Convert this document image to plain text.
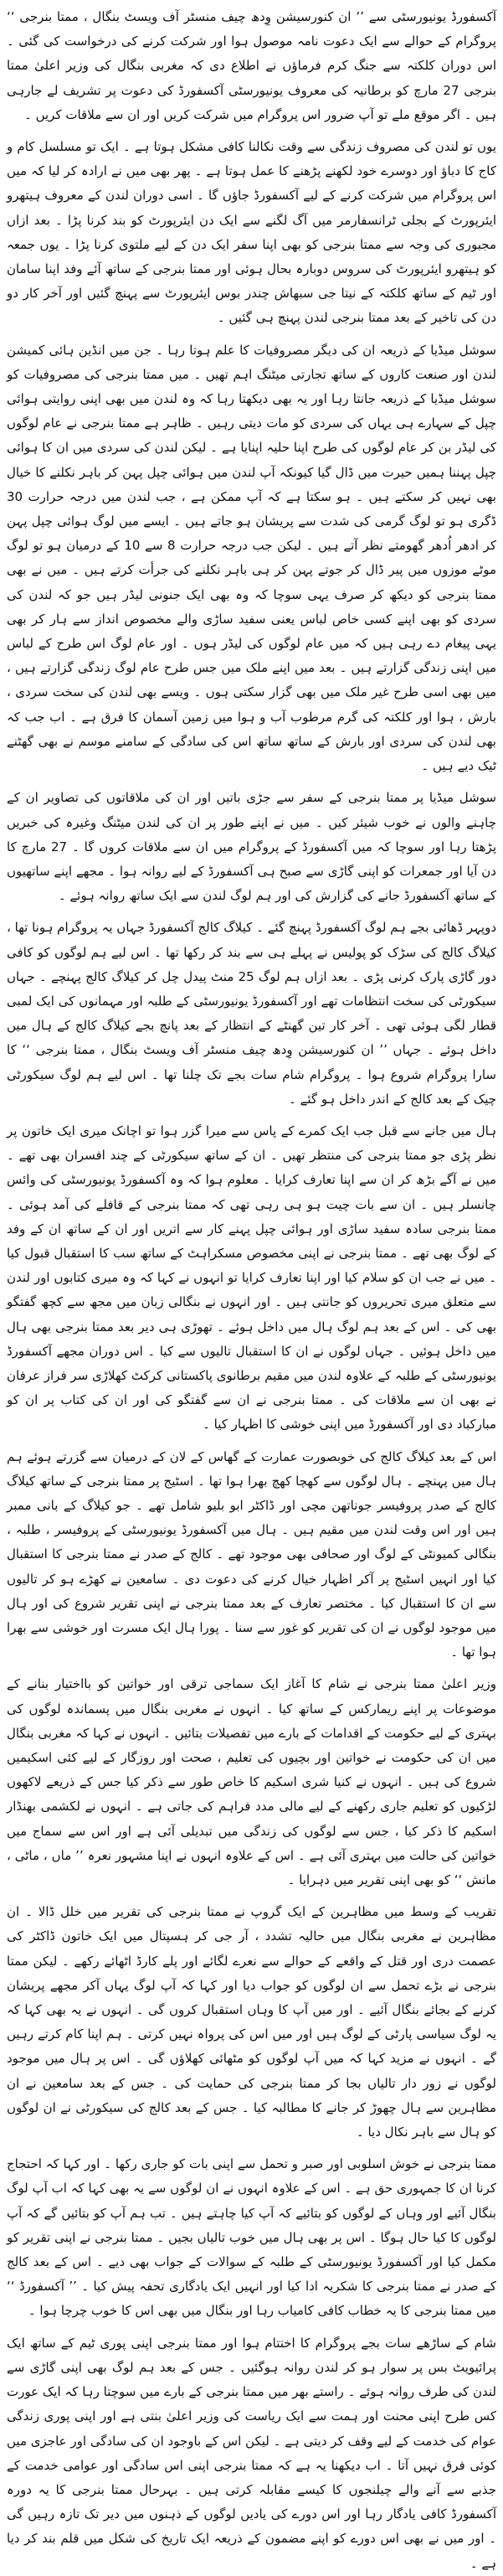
آکسفورڈ یونیورسٹی سے ’’ ان کنورسیشن وِدھ چیف منسٹر آف ویسٹ بنگال ، ممتا بنرجی ‘‘ پروگرام کے حوالے سے ایک دعوت نامہ موصول ہوا اور شرکت کرنے کی درخواست کی گئی ۔ اس دوران کلکتہ سے جنگ کرم فرماؤں نے اطلاع دی کہ مغربی بنگال کی وزیر اعلیٰ ممتا بنرجی 27 مارچ کو برطانیہ کی معروف یونیورسٹی آکسفورڈ کی دعوت پر تشریف لے جارہی ہیں ۔ اگر موقع ملے تو آپ ضرور اس پروگرام میں شرکت کریں اور ان سے ملاقات کریں ۔

یوں تو لندن کی مصروف زندگی سے وقت نکالنا کافی مشکل ہوتا ہے ۔ ایک تو مسلسل کام و کاج کا دباؤ اور دوسرے خود لکھنے پڑھنے کا عمل ہوتا ہے ۔ پھر بھی میں نے ارادہ کر لیا کہ میں اس پروگرام میں شرکت کرنے کے لیے آکسفورڈ جاؤں گا ۔ اسی دوران لندن کے معروف ہیتھرو ایئرپورٹ کے بجلی ٹرانسفارمر میں آگ لگنے سے ایک دن ایئرپورٹ کو بند کرنا پڑا ۔ بعد ازاں مجبوری کی وجہ سے ممتا بنرجی کو بھی اپنا سفر ایک دن کے لیے ملتوی کرنا پڑا ۔ یوں جمعہ کو ہیتھرو ایئرپورٹ کی سروس دوبارہ بحال ہوئی اور ممتا بنرجی کے ساتھ آئے وفد اپنا سامان اور ٹیم کے ساتھ کلکتہ کے نیتا جی سبھاش چندر بوس ایئرپورٹ سے پہنچ گئیں اور آخر کار دو دن کی تاخیر کے بعد ممتا بنرجی لندن پہنچ ہی گئیں ۔

سوشل میڈیا کے ذریعہ ان کی دیگر مصروفیات کا علم ہوتا رہا ۔ جن میں انڈین ہائی کمیشن لندن اور صنعت کاروں کے ساتھ تجارتی میٹنگ اہم تھیں ۔ میں ممتا بنرجی کی مصروفیات کو سوشل میڈیا کے ذریعہ جانتا رہا اور یہ بھی دیکھتا رہا کہ وہ لندن میں بھی اپنی روایتی ہوائی چپل کے سہارے ہی یہاں کی سردی کو مات دیتی رہیں ۔ ظاہر ہے ممتا بنرجی نے عام لوگوں کی لیڈر بن کر عام لوگوں کی طرح اپنا حلیہ اپنایا ہے ۔ لیکن لندن کی سردی میں ان کا ہوائی چپل پہننا ہمیں حیرت میں ڈال گیا کیونکہ آپ لندن میں ہوائی چپل پہن کر باہر نکلنے کا خیال بھی نہیں کر سکتے ہیں ۔ ہو سکتا ہے کہ آپ ممکن ہے ، جب لندن میں درجہ حرارت 30 ڈگری ہو تو لوگ گرمی کی شدت سے پریشان ہو جاتے ہیں ۔ ایسے میں لوگ ہوائی چپل پہن کر ادھر اُدھر گھومتے نظر آتے ہیں ۔ لیکن جب درجہ حرارت 8 سے 10 کے درمیان ہو تو لوگ موٹے موزوں میں پیر ڈال کر جوتے پہن کر ہی باہر نکلنے کی جرأت کرتے ہیں ۔ میں نے بھی ممتا بنرجی کو دیکھ کر صرف یہی سوچا کہ وہ بھی ایک جنونی لیڈر ہیں جو کہ لندن کی سردی کو بھی اپنے کسی خاص لباس یعنی سفید ساڑی والے مخصوص انداز سے ہار کر بھی یہی پیغام دے رہی ہیں کہ میں عام لوگوں کی لیڈر ہوں ۔ اور عام لوگ اس طرح کے لباس میں اپنی زندگی گزارتے ہیں ۔ بعد میں اپنے ملک میں جس طرح عام لوگ زندگی گزارتے ہیں ، میں بھی اسی طرح غیر ملک میں بھی گزار سکتی ہوں ۔ ویسے بھی لندن کی سخت سردی ، بارش ، ہوا اور کلکتہ کی گرم مرطوب آب و ہوا میں زمین آسمان کا فرق ہے ۔ اب جب کہ بھی لندن کی سردی اور بارش کے ساتھ ساتھ اس کی سادگی کے سامنے موسم نے بھی گھٹنے ٹیک دیے ہیں ۔

سوشل میڈیا پر ممتا بنرجی کے سفر سے جڑی باتیں اور ان کی ملاقاتوں کی تصاویر ان کے چاہنے والوں نے خوب شیئر کیں ۔ میں نے اپنے طور پر ان کی لندن میٹنگ وغیرہ کی خبریں پڑھتا رہا اور سوچا کہ میں آکسفورڈ کے پروگرام میں ان سے ملاقات کروں گا ۔ 27 مارچ کا دن آیا اور جمعرات کو اپنی گاڑی سے صبح ہی آکسفورڈ کے لیے روانہ ہوا ۔ مجھے اپنے ساتھیوں کے ساتھ آکسفورڈ جانے کی گزارش کی اور ہم لوگ لندن سے ایک ساتھ روانہ ہوئے ۔

دوپہر ڈھائی بجے ہم لوگ آکسفورڈ پہنچ گئے ۔ کیلاگ کالج آکسفورڈ جہاں یہ پروگرام ہونا تھا ، کیلاگ کالج کی سڑک کو پولیس نے پہلے ہی سے بند کر رکھا تھا ۔ اس لیے ہم لوگوں کو کافی دور گاڑی پارک کرنی پڑی ۔ بعد ازاں ہم لوگ 25 منٹ پیدل چل کر کیلاگ کالج پہنچے ۔ جہاں سیکورٹی کی سخت انتظامات تھے اور آکسفورڈ یونیورسٹی کے طلبہ اور مہمانوں کی ایک لمبی قطار لگی ہوئی تھی ۔ آخر کار تین گھنٹے کے انتظار کے بعد پانچ بجے کیلاگ کالج کے ہال میں داخل ہوئے ۔ جہاں ’’ ان کنورسیشن وِدھ چیف منسٹر آف ویسٹ بنگال ، ممتا بنرجی ‘‘ کا سارا پروگرام شروع ہوا ۔ پروگرام شام سات بجے تک چلنا تھا ۔ اس لیے ہم لوگ سیکورٹی چیک کے بعد کالج کے اندر داخل ہو گئے ۔

ہال میں جانے سے قبل جب ایک کمرے کے پاس سے میرا گزر ہوا تو اچانک میری ایک خاتون پر نظر پڑی جو ممتا بنرجی کی منتظر تھیں ۔ ان کے ساتھ سیکورٹی کے چند افسران بھی تھے ۔ میں نے آگے بڑھ کر ان سے اپنا تعارف کرایا ۔ معلوم ہوا کہ وہ آکسفورڈ یونیورسٹی کی وائس چانسلر ہیں ۔ ان سے بات چیت ہو ہی رہی تھی کہ ممتا بنرجی کے قافلے کی آمد ہوئی ۔ ممتا بنرجی سادہ سفید ساڑی اور ہوائی چپل پہنے کار سے اتریں اور ان کے ساتھ ان کے وفد کے لوگ بھی تھے ۔ ممتا بنرجی نے اپنی مخصوص مسکراہٹ کے ساتھ سب کا استقبال قبول کیا ۔ میں نے جب ان کو سلام کیا اور اپنا تعارف کرایا تو انہوں نے کہا کہ وہ میری کتابوں اور لندن سے متعلق میری تحریروں کو جانتی ہیں ۔ اور انہوں نے بنگالی زبان میں مجھ سے کچھ گفتگو بھی کی ۔ اس کے بعد ہم لوگ ہال میں داخل ہوئے ۔ تھوڑی ہی دیر بعد ممتا بنرجی بھی ہال میں داخل ہوئیں ۔ جہاں لوگوں نے ان کا استقبال تالیوں سے کیا ۔ اس دوران مجھے آکسفورڈ یونیورسٹی کے طلبہ کے علاوہ لندن میں مقیم برطانوی پاکستانی کرکٹ کھلاڑی سر فراز عرفان نے بھی ان سے ملاقات کی ۔ ممتا بنرجی نے ان سے گفتگو کی اور ان کی کتاب پر ان کو مبارکباد دی اور آکسفورڈ میں اپنی خوشی کا اظہار کیا ۔

اس کے بعد کیلاگ کالج کی خوبصورت عمارت کے گھاس کے لان کے درمیان سے گزرتے ہوئے ہم ہال میں پہنچے ۔ ہال لوگوں سے کھچا کھچ بھرا ہوا تھا ۔ اسٹیج پر ممتا بنرجی کے ساتھ کیلاگ کالج کے صدر پروفیسر جوناتھن مچی اور ڈاکٹر ابو بلیو شامل تھے ۔ جو کیلاگ کے بانی ممبر ہیں اور اس وقت لندن میں مقیم ہیں ۔ ہال میں آکسفورڈ یونیورسٹی کے پروفیسر ، طلبہ ، بنگالی کمیونٹی کے لوگ اور صحافی بھی موجود تھے ۔ کالج کے صدر نے ممتا بنرجی کا استقبال کیا اور انہیں اسٹیج پر آکر اظہار خیال کرنے کی دعوت دی ۔ سامعین نے کھڑے ہو کر تالیوں سے ان کا استقبال کیا ۔ مختصر تعارف کے بعد ممتا بنرجی نے اپنی تقریر شروع کی اور ہال میں موجود لوگوں نے ان کی تقریر کو غور سے سنا ۔ پورا ہال ایک مسرت اور خوشی سے بھرا ہوا تھا ۔

وزیر اعلیٰ ممتا بنرجی نے شام کا آغاز ایک سماجی ترقی اور خواتین کو بااختیار بنانے کے موضوعات پر اپنے ریمارکس کے ساتھ کیا ۔ انہوں نے مغربی بنگال میں پسماندہ لوگوں کی بہتری کے لیے حکومت کے اقدامات کے بارے میں تفصیلات بتائیں ۔ انہوں نے کہا کہ مغربی بنگال میں ان کی حکومت نے خواتین اور بچیوں کی تعلیم ، صحت اور روزگار کے لیے کئی اسکیمیں شروع کی ہیں ۔ انہوں نے کنیا شری اسکیم کا خاص طور سے ذکر کیا جس کے ذریعے لاکھوں لڑکیوں کو تعلیم جاری رکھنے کے لیے مالی مدد فراہم کی جاتی ہے ۔ انہوں نے لکشمی بھنڈار اسکیم کا ذکر کیا ، جس سے لوگوں کی زندگی میں تبدیلی آئی ہے اور اس سے سماج میں خواتین کی حالت میں بہتری آئی ہے ۔ اس کے علاوہ انہوں نے اپنا مشہور نعرہ ’’ ماں ، ماٹی ، مانش ‘‘ کو بھی اپنی تقریر میں دہرایا ۔

تقریب کے وسط میں مظاہرین کے ایک گروپ نے ممتا بنرجی کی تقریر میں خلل ڈالا ۔ ان مظاہرین نے مغربی بنگال میں حالیہ تشدد ، آر جی کر ہسپتال میں ایک خاتون ڈاکٹر کی عصمت دری اور قتل کے واقعے کے حوالے سے نعرے لگائے اور پلے کارڈ اٹھائے رکھے ۔ لیکن ممتا بنرجی نے بڑے تحمل سے ان لوگوں کو جواب دیا اور کہا کہ آپ لوگ یہاں آکر مجھے پریشان کرنے کے بجائے بنگال آئیے ۔ اور میں آپ کا وہاں استقبال کروں گی ۔ انہوں نے یہ بھی کہا کہ یہ لوگ سیاسی پارٹی کے لوگ ہیں اور میں اس کی پرواہ نہیں کرتی ۔ ہم اپنا کام کرتے رہیں گے ۔ انہوں نے مزید کہا کہ میں آپ لوگوں کو مٹھائی کھلاؤں گی ۔ اس پر ہال میں موجود لوگوں نے زور دار تالیاں بجا کر ممتا بنرجی کی حمایت کی ۔ جس کے بعد سامعین نے ان مظاہرین سے ہال چھوڑ کر جانے کا مطالبہ کیا ۔ جس کے بعد کالج کی سیکورٹی نے ان لوگوں کو ہال سے باہر نکال دیا ۔

ممتا بنرجی نے خوش اسلوبی اور صبر و تحمل سے اپنی بات کو جاری رکھا ۔ اور کہا کہ احتجاج کرنا ان کا جمہوری حق ہے ۔ اس کے علاوہ انہوں نے ان لوگوں سے یہ بھی کہا کہ اب آپ لوگ بنگال آئیے اور وہاں کے لوگوں کو بتائیے کہ آپ کیا چاہتے ہیں ۔ تب ہم آپ کو بتائیں گے کہ آپ لوگوں کا کیا حال ہوگا ۔ اس پر بھی ہال میں خوب تالیاں بجیں ۔ ممتا بنرجی نے اپنی تقریر کو مکمل کیا اور آکسفورڈ یونیورسٹی کے طلبہ کے سوالات کے جواب بھی دیے ۔ اس کے بعد کالج کے صدر نے ممتا بنرجی کا شکریہ ادا کیا اور انہیں ایک یادگاری تحفہ پیش کیا ۔ ’’ آکسفورڈ ‘‘ میں ممتا بنرجی کا یہ خطاب کافی کامیاب رہا اور بنگال میں بھی اس کا خوب چرچا ہوا ۔

شام کے ساڑھے سات بجے پروگرام کا اختتام ہوا اور ممتا بنرجی اپنی پوری ٹیم کے ساتھ ایک پرائیویٹ بس پر سوار ہو کر لندن روانہ ہوگئیں ۔ جس کے بعد ہم لوگ بھی اپنی گاڑی سے لندن کی طرف روانہ ہوئے ۔ راستے بھر میں ممتا بنرجی کے بارے میں سوچتا رہا کہ ایک عورت کس طرح اپنی محنت اور ہمت سے ایک ریاست کی وزیر اعلیٰ بنتی ہے اور اپنی پوری زندگی عوام کی خدمت کے لیے وقف کر دیتی ہے ۔ لیکن اس کے باوجود ان کی سادگی اور عاجزی میں کوئی فرق نہیں آتا ۔ اب دیکھنا یہ ہے کہ ممتا بنرجی اپنی اس سادگی اور عوامی خدمت کے جذبے سے آنے والے چیلنجوں کا کیسے مقابلہ کرتی ہیں ۔ بہرحال ممتا بنرجی کا یہ دورہ آکسفورڈ کافی یادگار رہا اور اس دورے کی یادیں لوگوں کے ذہنوں میں دیر تک تازہ رہیں گی ۔ اور میں نے بھی اس دورے کو اپنے مضمون کے ذریعہ ایک تاریخ کی شکل میں قلم بند کر دیا ہے ۔
